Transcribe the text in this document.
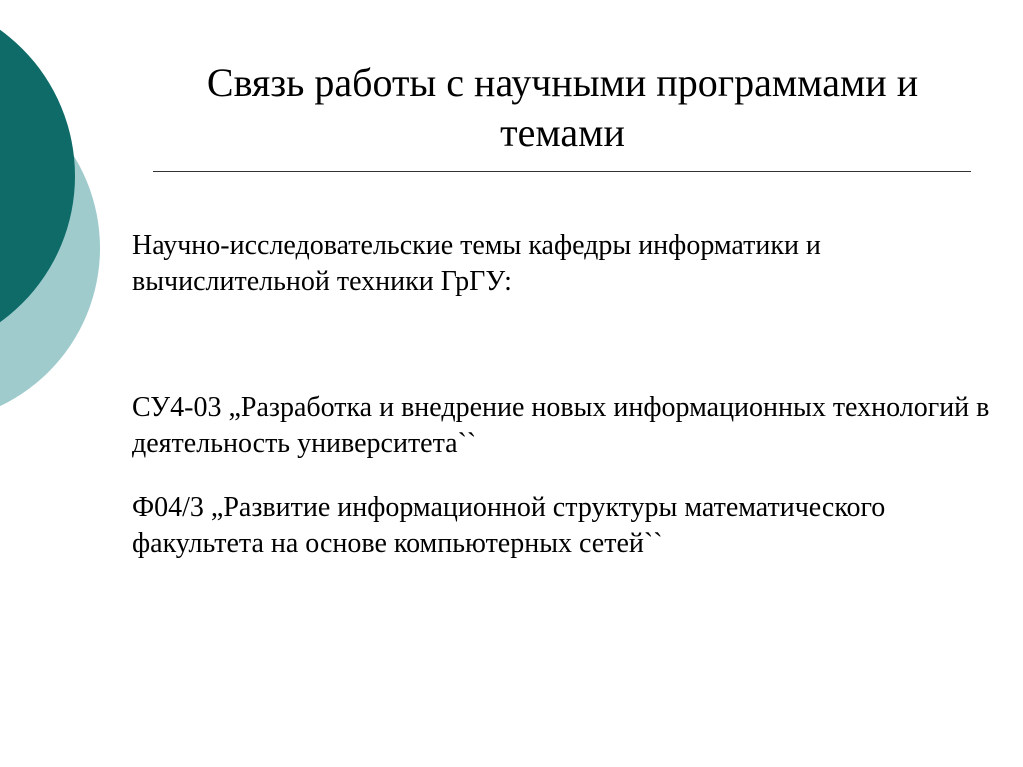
Связь работы с научными программами и темами

Научно-исследовательские темы кафедры информатики и вычислительной техники ГрГУ:

СУ4-03 „Разработка и внедрение новых информационных технологий в деятельность университета``

Ф04/3 „Развитие информационной структуры математического факультета на основе компьютерных сетей``
